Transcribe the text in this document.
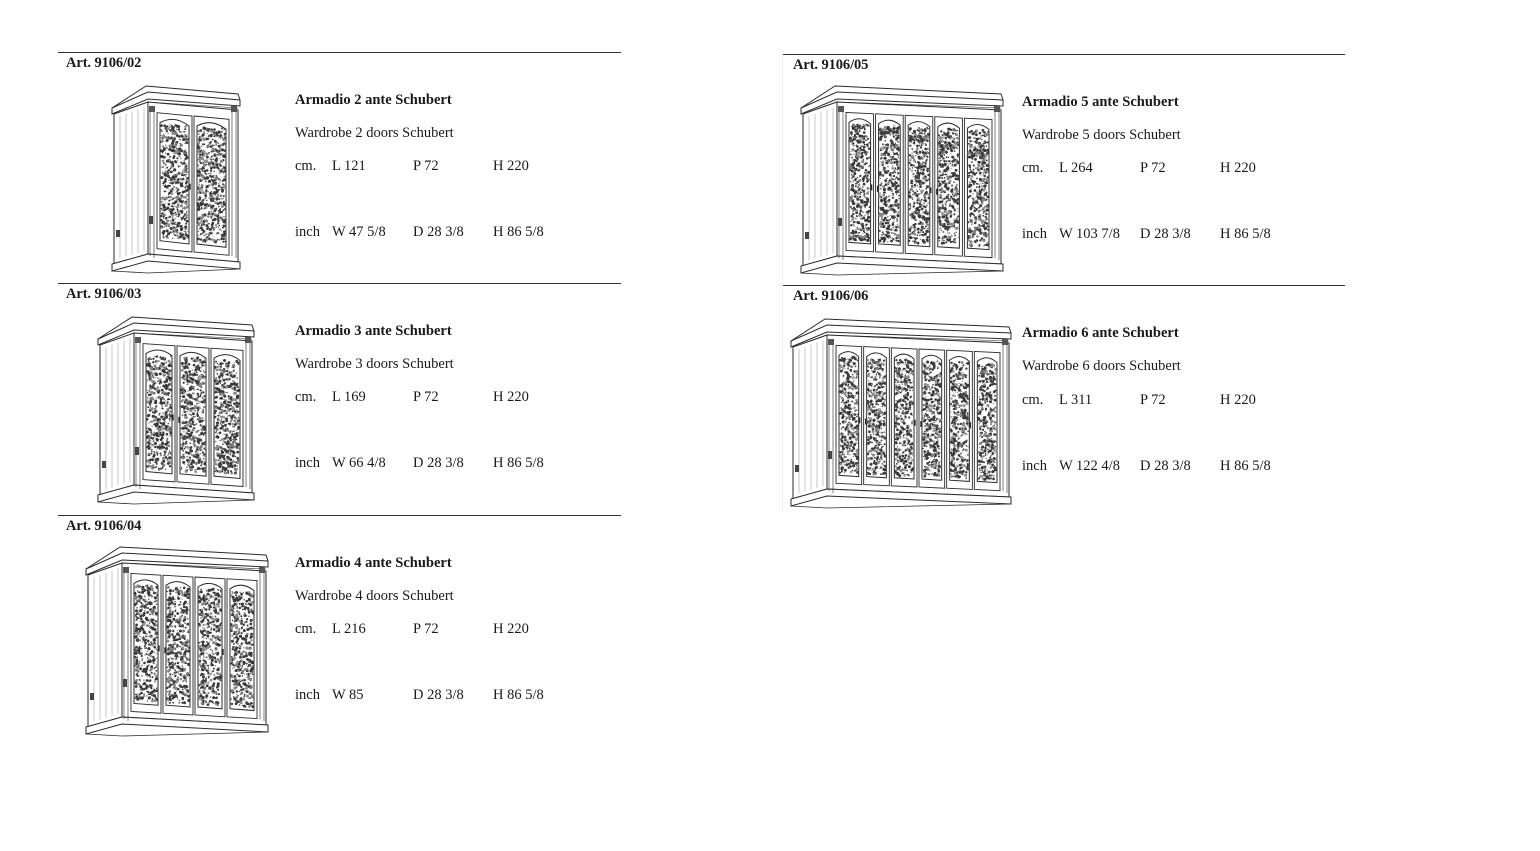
Art. 9106/02
Armadio 2 ante Schubert
Wardrobe 2 doors Schubert
cm. L 121	P 72	H 220
inch W 47 5/8 D 28 3/8 H 86 5/8
Art. 9106/03
Armadio 3 ante Schubert
Wardrobe 3 doors Schubert
cm. L 169	P 72	H 220
inch W 66 4/8 D 28 3/8 H 86 5/8
Art. 9106/04
Armadio 4 ante Schubert
Wardrobe 4 doors Schubert
cm. L 216	P 72	H 220
inch W 85	D 28 3/8 H 86 5/8
Art. 9106/05
Armadio 5 ante Schubert
Wardrobe 5 doors Schubert
cm. L 264	P 72	H 220
inch W 103 7/8 D 28 3/8 H 86 5/8
Art. 9106/06
Armadio 6 ante Schubert
Wardrobe 6 doors Schubert
cm. L 311	P 72	H 220
inch W 122 4/8 D 28 3/8 H 86 5/8
